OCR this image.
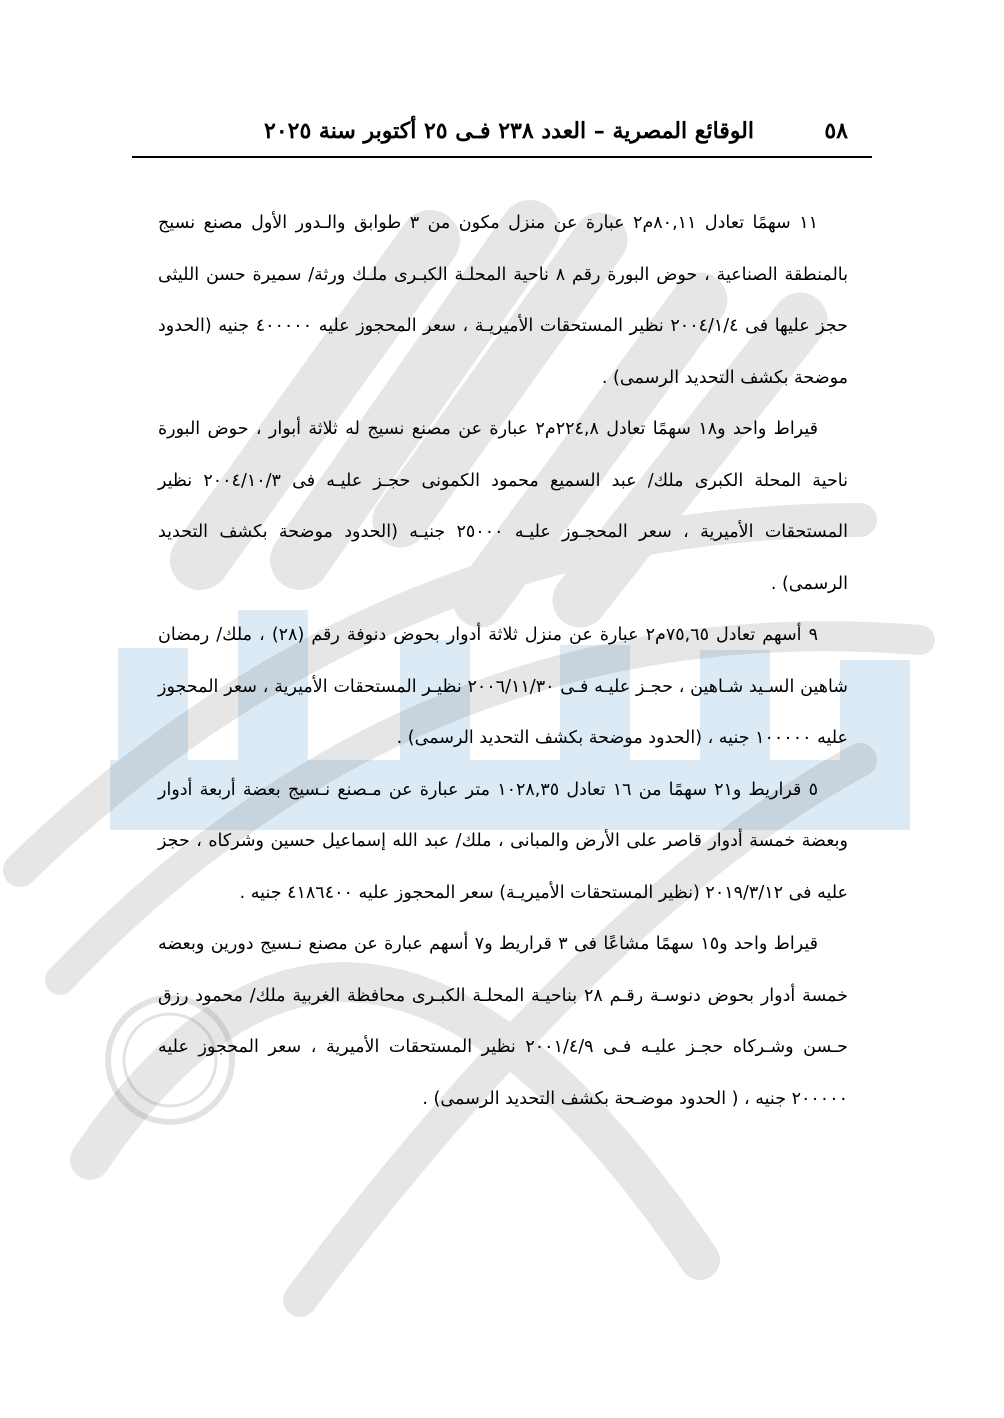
٥٨
الوقائع المصرية – العدد ٢٣٨ فـى ٢٥ أكتوبر سنة ٢٠٢٥

١١ سهمًا تعادل ٨٠,١١م٢ عبارة عن منزل مكون من ٣ طوابق والـدور الأول مصنع نسيج بالمنطقة الصناعية ، حوض البورة رقم ٨ ناحية المحلـة الكبـرى ملـك ورثة/ سميرة حسن الليثى حجز عليها فى ٢٠٠٤/١/٤ نظير المستحقات الأميريـة ، سعر المحجوز عليه ٤٠٠٠٠٠ جنيه (الحدود موضحة بكشف التحديد الرسمى) .

قيراط واحد و١٨ سهمًا تعادل ٢٢٤,٨م٢ عبارة عن مصنع نسيج له ثلاثة أبوار ، حوض البورة ناحية المحلة الكبرى ملك/ عبد السميع محمود الكمونى حجـز عليـه فى ٢٠٠٤/١٠/٣ نظير المستحقات الأميرية ، سعر المحجـوز عليـه ٢٥٠٠٠ جنيـه (الحدود موضحة بكشف التحديد الرسمى) .

٩ أسهم تعادل ٧٥,٦٥م٢ عبارة عن منزل ثلاثة أدوار بحوض دنوفة رقم (٢٨) ، ملك/ رمضان شاهين السـيد شـاهين ، حجـز عليـه فـى ٢٠٠٦/١١/٣٠ نظيـر المستحقات الأميرية ، سعر المحجوز عليه ١٠٠٠٠٠ جنيه ، (الحدود موضحة بكشف التحديد الرسمى) .

٥ قراريط و٢١ سهمًا من ١٦ تعادل ١٠٢٨,٣٥ متر عبارة عن مـصنع نـسيج بعضة أربعة أدوار وبعضة خمسة أدوار قاصر على الأرض والمبانى ، ملك/ عبد الله إسماعيل حسين وشركاه ، حجز عليه فى ٢٠١٩/٣/١٢ (نظير المستحقات الأميريـة) سعر المحجوز عليه ٤١٨٦٤٠٠ جنيه .

قيراط واحد و١٥ سهمًا مشاعًا فى ٣ قراريط و٧ أسهم عبارة عن مصنع نـسيج دورين وبعضه خمسة أدوار بحوض دنوسـة رقـم ٢٨ بناحيـة المحلـة الكبـرى محافظة الغربية ملك/ محمود رزق حـسن وشـركاه حجـز عليـه فـى ٢٠٠١/٤/٩ نظير المستحقات الأميرية ، سعر المحجوز عليه ٢٠٠٠٠٠ جنيه ، ( الحدود موضـحة بكشف التحديد الرسمى) .
